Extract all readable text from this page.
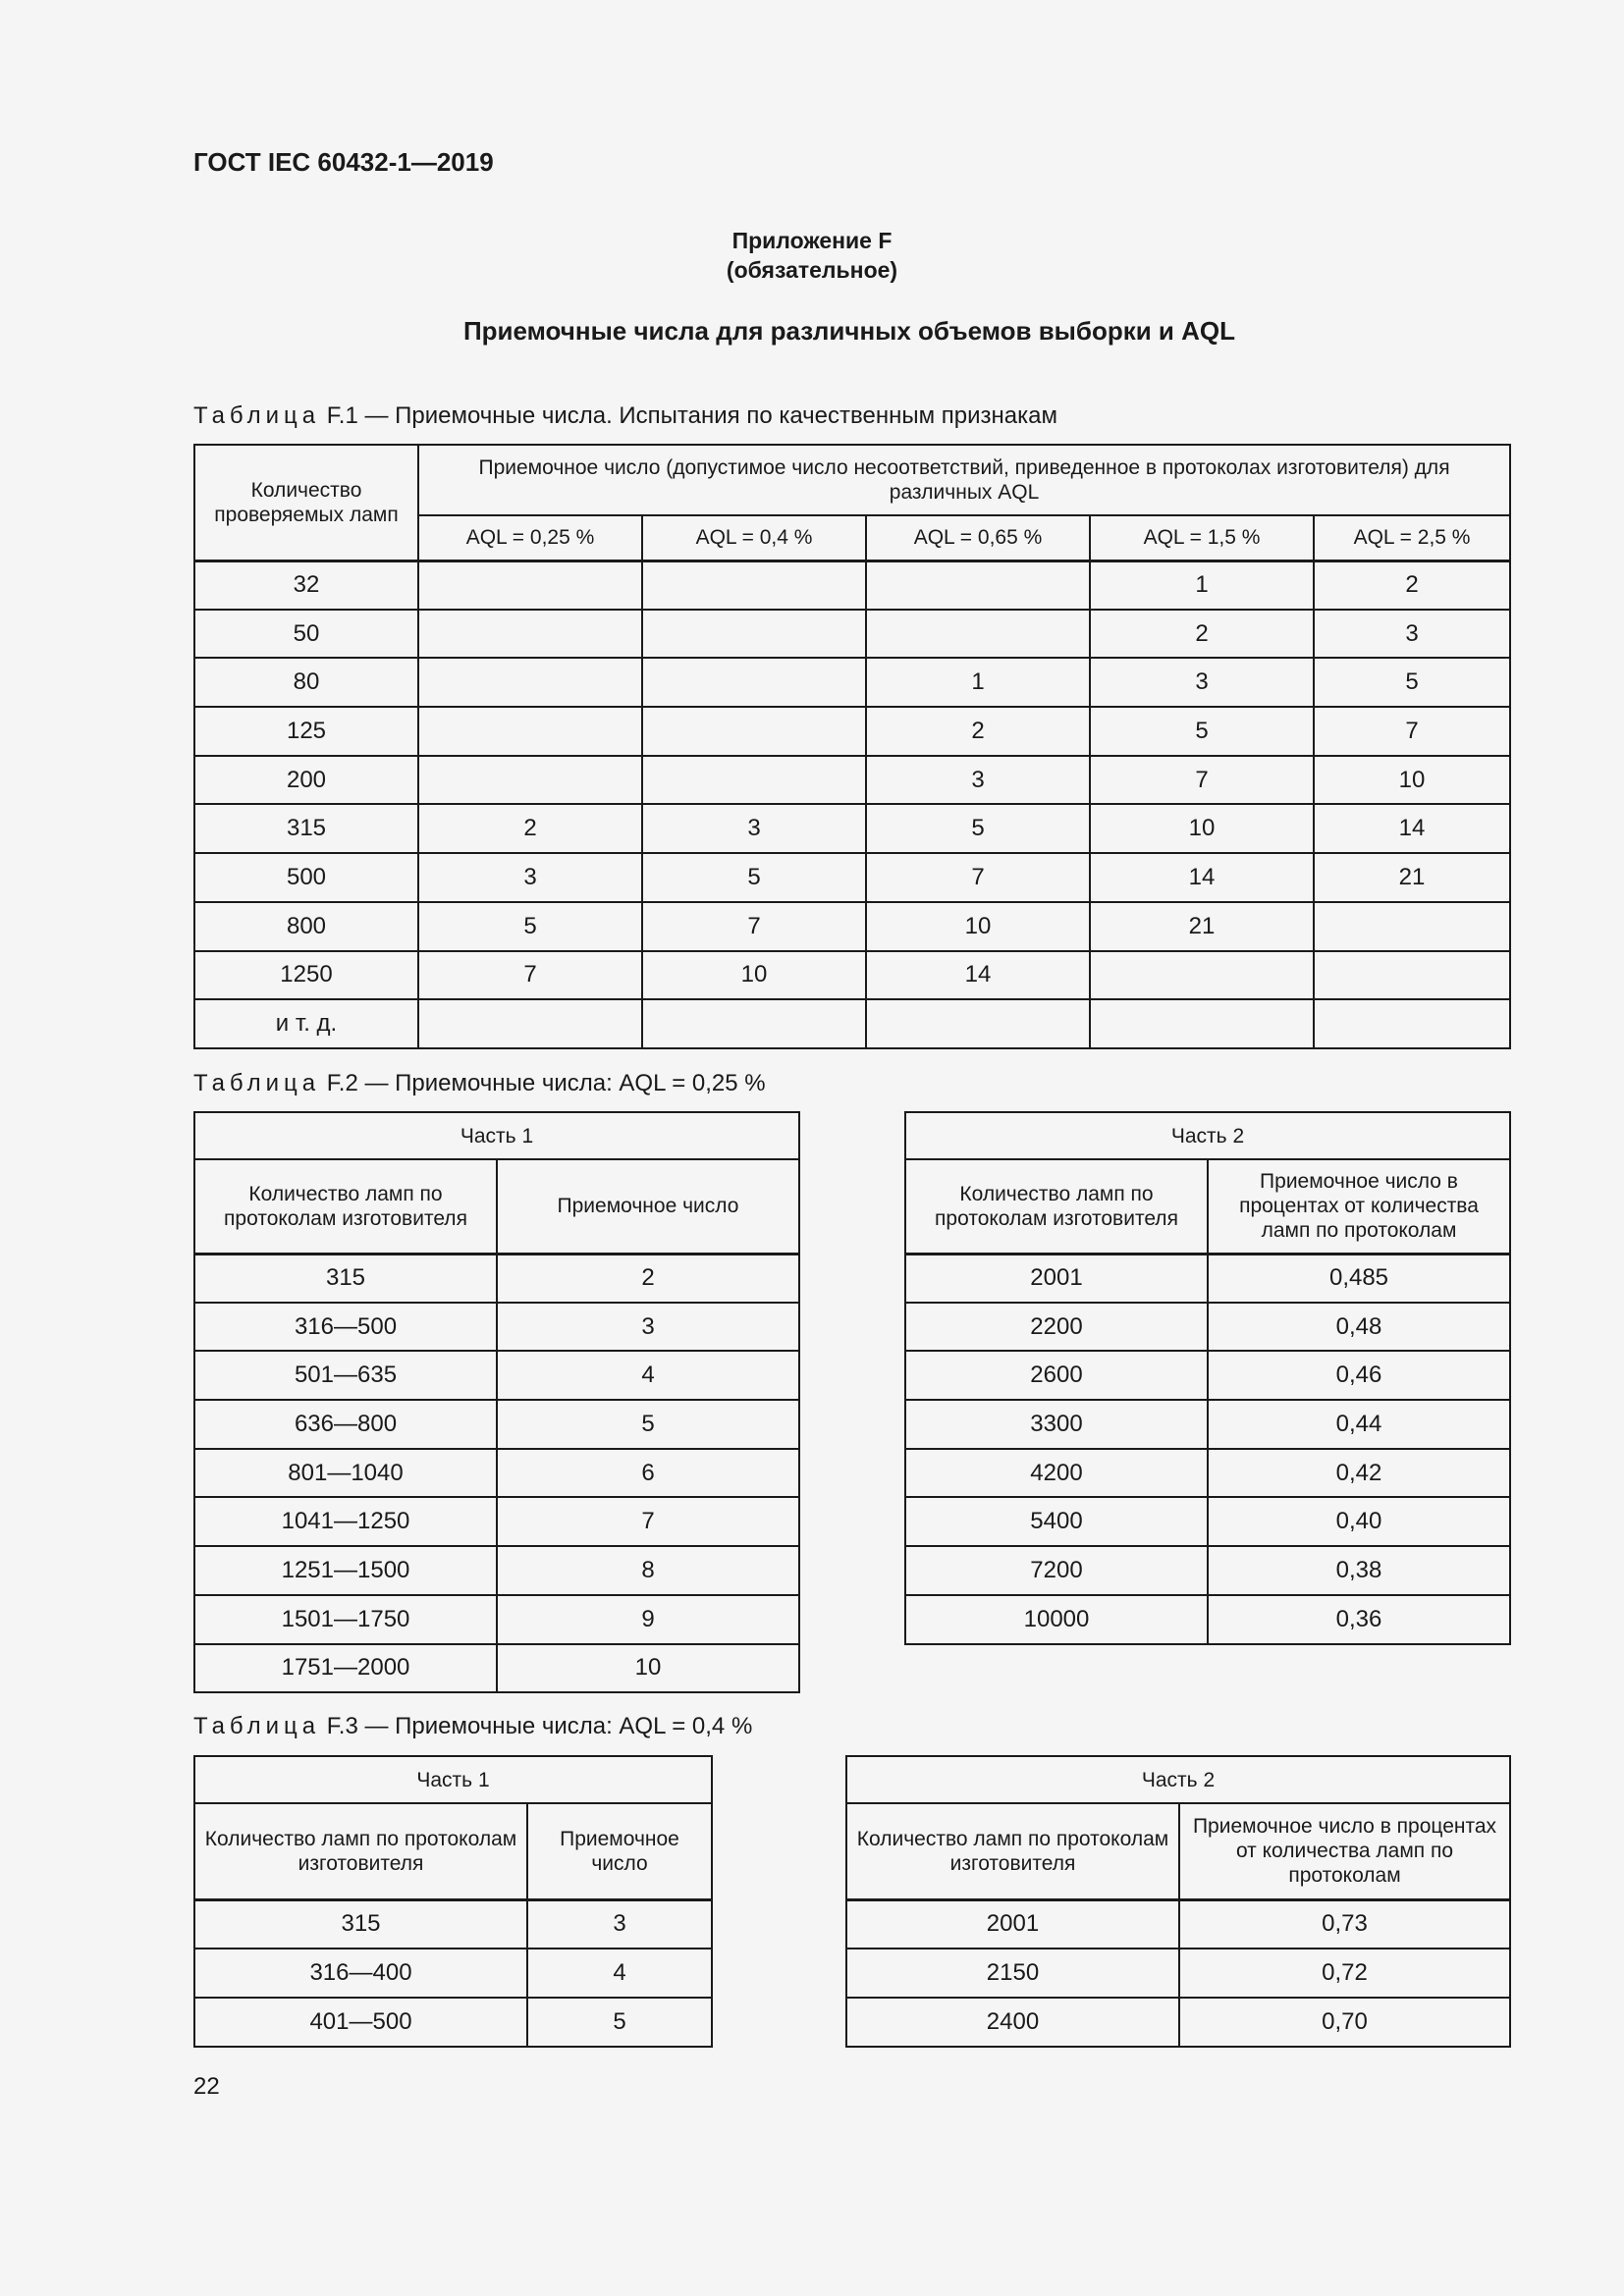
ГОСТ IEC 60432-1—2019
Приложение F
(обязательное)
Приемочные числа для различных объемов выборки и AQL
Таблица F.1 — Приемочные числа. Испытания по качественным признакам
Количество проверяемых ламп	Приемочное число (допустимое число несоответствий, приведенное в протоколах изготовителя) для различных AQL				
	AQL = 0,25 %	AQL = 0,4 %	AQL = 0,65 %	AQL = 1,5 %	AQL = 2,5 %
32				1	2
50				2	3
80			1	3	5
125			2	5	7
200			3	7	10
315	2	3	5	10	14
500	3	5	7	14	21
800	5	7	10	21	
1250	7	10	14		
и т. д.					
Таблица F.2 — Приемочные числа: AQL = 0,25 %
Часть 1	
Количество ламп по протоколам изготовителя	Приемочное число
315	2
316—500	3
501—635	4
636—800	5
801—1040	6
1041—1250	7
1251—1500	8
1501—1750	9
1751—2000	10
Часть 2	
Количество ламп по протоколам изготовителя	Приемочное число в процентах от количества ламп по протоколам
2001	0,485
2200	0,48
2600	0,46
3300	0,44
4200	0,42
5400	0,40
7200	0,38
10000	0,36
Таблица F.3 — Приемочные числа: AQL = 0,4 %
Часть 1	
Количество ламп по протоколам изготовителя	Приемочное число
315	3
316—400	4
401—500	5
Часть 2	
Количество ламп по протоколам изготовителя	Приемочное число в процентах от количества ламп по протоколам
2001	0,73
2150	0,72
2400	0,70
22
